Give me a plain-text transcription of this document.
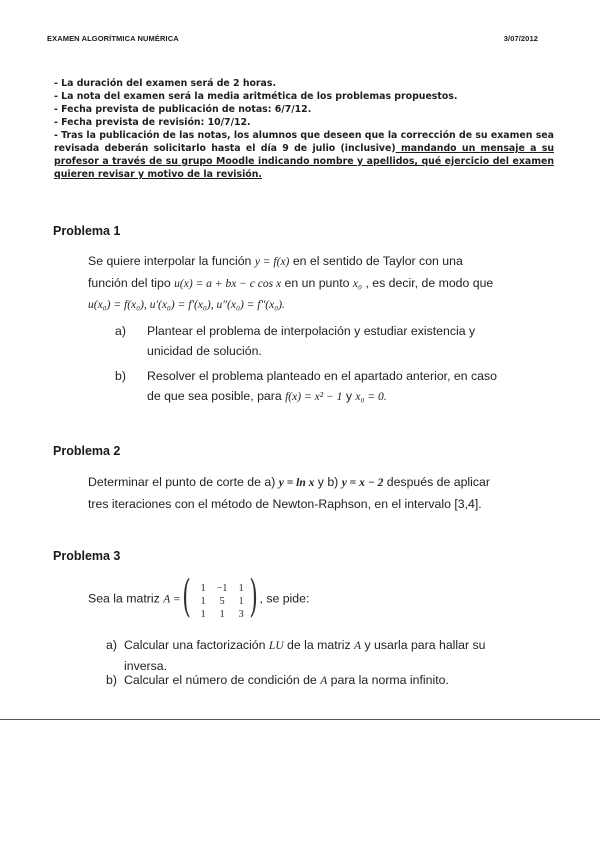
EXAMEN ALGORÍTMICA NUMÉRICA	3/07/2012
- La duración del examen será de 2 horas.
- La nota del examen será la media aritmética de los problemas propuestos.
- Fecha prevista de publicación de notas: 6/7/12.
- Fecha prevista de revisión: 10/7/12.
- Tras la publicación de las notas, los alumnos que deseen que la corrección de su examen sea revisada deberán solicitarlo hasta el día 9 de julio (inclusive) mandando un mensaje a su profesor a través de su grupo Moodle indicando nombre y apellidos, qué ejercicio del examen quieren revisar y motivo de la revisión.
Problema 1
Se quiere interpolar la función y = f(x) en el sentido de Taylor con una
función del tipo u(x) = a + bx − c cos x en un punto x₀ , es decir, de modo que
u(x₀) = f(x₀), u′(x₀) = f′(x₀), u″(x₀) = f″(x₀).
a) Plantear el problema de interpolación y estudiar existencia y
unicidad de solución.
b) Resolver el problema planteado en el apartado anterior, en caso
de que sea posible, para f(x) = x² − 1 y x₀ = 0.
Problema 2
Determinar el punto de corte de a) y = ln x y b) y = x − 2 después de aplicar
tres iteraciones con el método de Newton-Raphson, en el intervalo [3,4].
Problema 3
Sea la matriz A = ( 1	−1	1
1	5	1
1	1	3 ) , se pide:
a) Calcular una factorización LU de la matriz A y usarla para hallar su
inversa.
b) Calcular el número de condición de A para la norma infinito.
